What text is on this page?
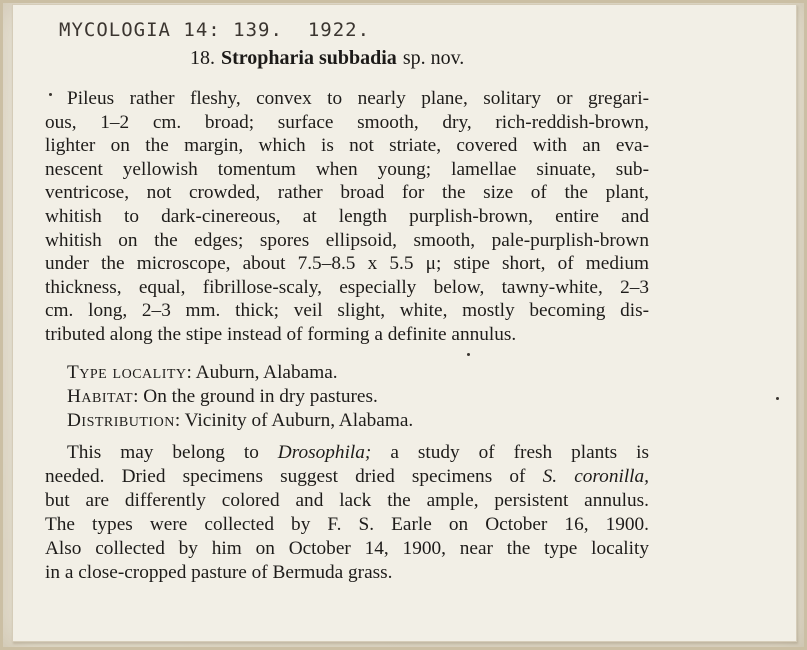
MYCOLOGIA 14: 139. 1922.
18. Stropharia subbadia sp. nov.
Pileus rather fleshy, convex to nearly plane, solitary or gregari-
ous, 1–2 cm. broad; surface smooth, dry, rich-reddish-brown,
lighter on the margin, which is not striate, covered with an eva-
nescent yellowish tomentum when young; lamellae sinuate, sub-
ventricose, not crowded, rather broad for the size of the plant,
whitish to dark-cinereous, at length purplish-brown, entire and
whitish on the edges; spores ellipsoid, smooth, pale-purplish-brown
under the microscope, about 7.5–8.5 x 5.5 μ; stipe short, of medium
thickness, equal, fibrillose-scaly, especially below, tawny-white, 2–3
cm. long, 2–3 mm. thick; veil slight, white, mostly becoming dis-
tributed along the stipe instead of forming a definite annulus.
Type locality: Auburn, Alabama.
Habitat: On the ground in dry pastures.
Distribution: Vicinity of Auburn, Alabama.
This may belong to Drosophila; a study of fresh plants is
needed. Dried specimens suggest dried specimens of S. coronilla,
but are differently colored and lack the ample, persistent annulus.
The types were collected by F. S. Earle on October 16, 1900.
Also collected by him on October 14, 1900, near the type locality
in a close-cropped pasture of Bermuda grass.
